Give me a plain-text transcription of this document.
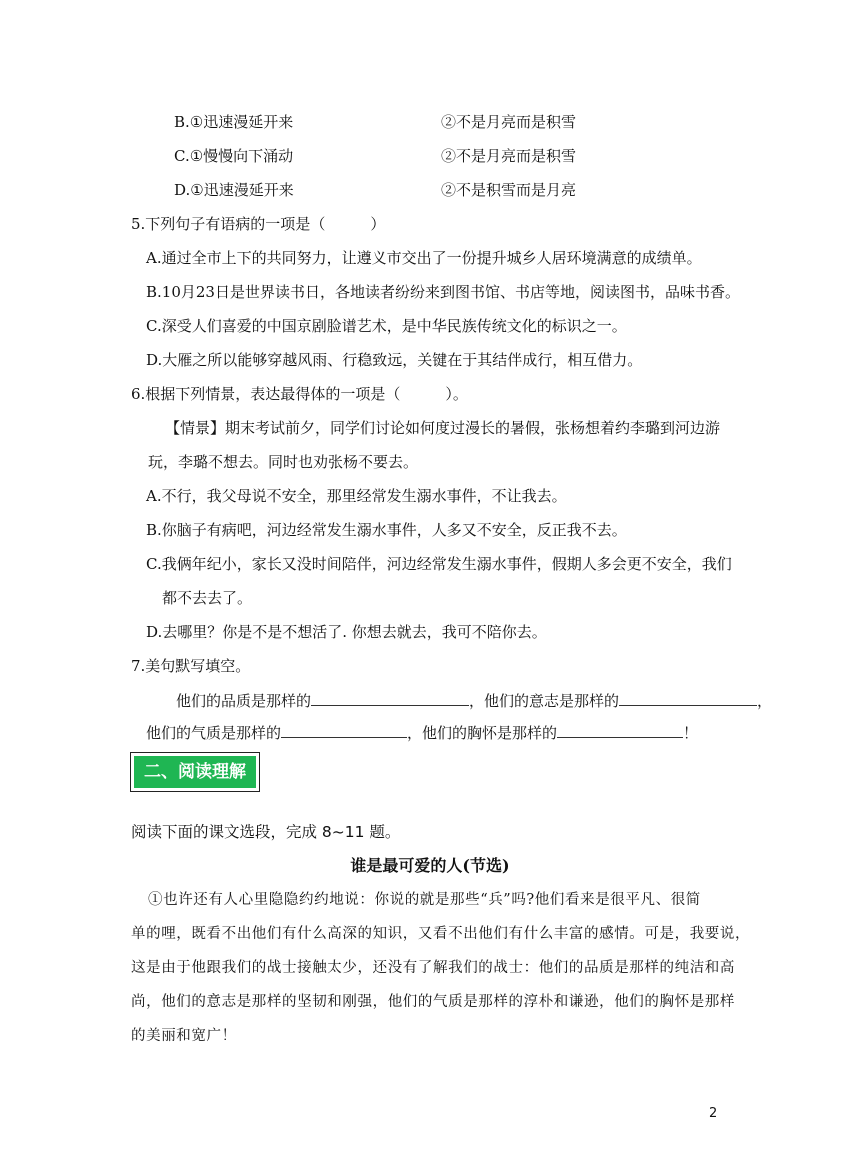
B.①迅速漫延开来	②不是月亮而是积雪
C.①慢慢向下涌动	②不是月亮而是积雪
D.①迅速漫延开来	②不是积雪而是月亮
5.下列句子有语病的一项是（　　　）
A.通过全市上下的共同努力，让遵义市交出了一份提升城乡人居环境满意的成绩单。
B.10月23日是世界读书日，各地读者纷纷来到图书馆、书店等地，阅读图书，品味书香。
C.深受人们喜爱的中国京剧脸谱艺术，是中华民族传统文化的标识之一。
D.大雁之所以能够穿越风雨、行稳致远，关键在于其结伴成行，相互借力。
6.根据下列情景，表达最得体的一项是（　　　）。
【情景】期末考试前夕，同学们讨论如何度过漫长的暑假，张杨想着约李璐到河边游
玩，李璐不想去。同时也劝张杨不要去。
A.不行，我父母说不安全，那里经常发生溺水事件，不让我去。
B.你脑子有病吧，河边经常发生溺水事件，人多又不安全，反正我不去。
C.我俩年纪小，家长又没时间陪伴，河边经常发生溺水事件，假期人多会更不安全，我们
都不去去了。
D.去哪里？你是不是不想活了. 你想去就去，我可不陪你去。
7.美句默写填空。
他们的品质是那样的	，他们的意志是那样的	，
他们的气质是那样的	，他们的胸怀是那样的	！
二、阅读理解
阅读下面的课文选段，完成 8~11 题。
谁是最可爱的人(节选)
①也许还有人心里隐隐约约地说：你说的就是那些“兵”吗?他们看来是很平凡、很简
单的哩，既看不出他们有什么高深的知识，又看不出他们有什么丰富的感情。可是，我要说，
这是由于他跟我们的战士接触太少，还没有了解我们的战士：他们的品质是那样的纯洁和高
尚，他们的意志是那样的坚韧和刚强，他们的气质是那样的淳朴和谦逊，他们的胸怀是那样
的美丽和宽广！
2
